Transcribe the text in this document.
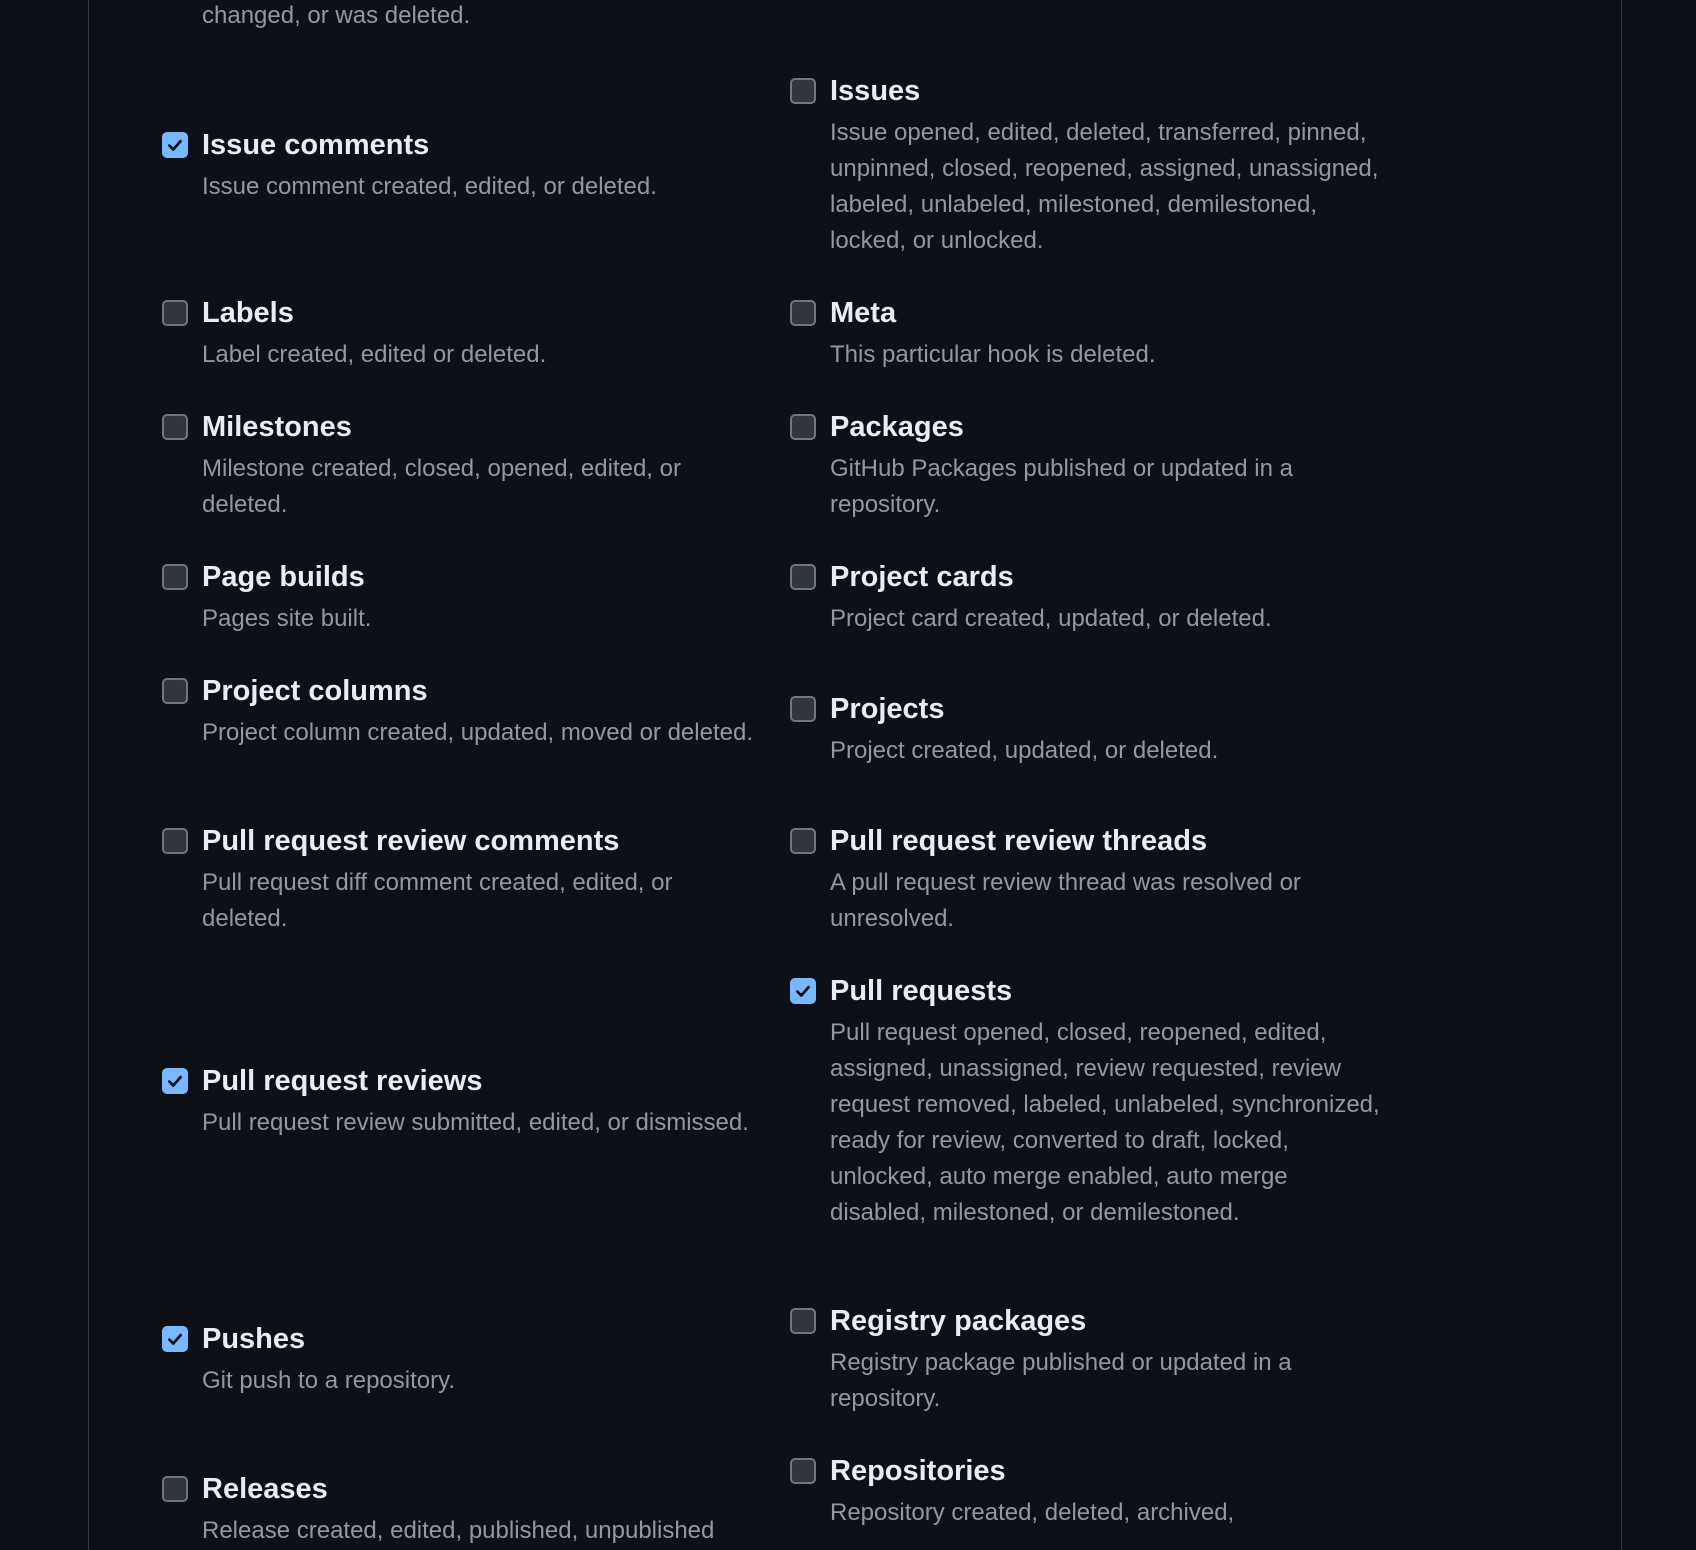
changed, or was deleted.
Issue comments
Issue comment created, edited, or deleted.
Issues
Issue opened, edited, deleted, transferred, pinned, unpinned, closed, reopened, assigned, unassigned, labeled, unlabeled, milestoned, demilestoned, locked, or unlocked.
Labels
Label created, edited or deleted.
Meta
This particular hook is deleted.
Milestones
Milestone created, closed, opened, edited, or deleted.
Packages
GitHub Packages published or updated in a repository.
Page builds
Pages site built.
Project cards
Project card created, updated, or deleted.
Project columns
Project column created, updated, moved or deleted.
Projects
Project created, updated, or deleted.
Pull request review comments
Pull request diff comment created, edited, or deleted.
Pull request review threads
A pull request review thread was resolved or unresolved.
Pull requests
Pull request opened, closed, reopened, edited, assigned, unassigned, review requested, review request removed, labeled, unlabeled, synchronized, ready for review, converted to draft, locked, unlocked, auto merge enabled, auto merge disabled, milestoned, or demilestoned.
Pull request reviews
Pull request review submitted, edited, or dismissed.
Registry packages
Registry package published or updated in a repository.
Pushes
Git push to a repository.
Repositories
Repository created, deleted, archived,
Releases
Release created, edited, published, unpublished
